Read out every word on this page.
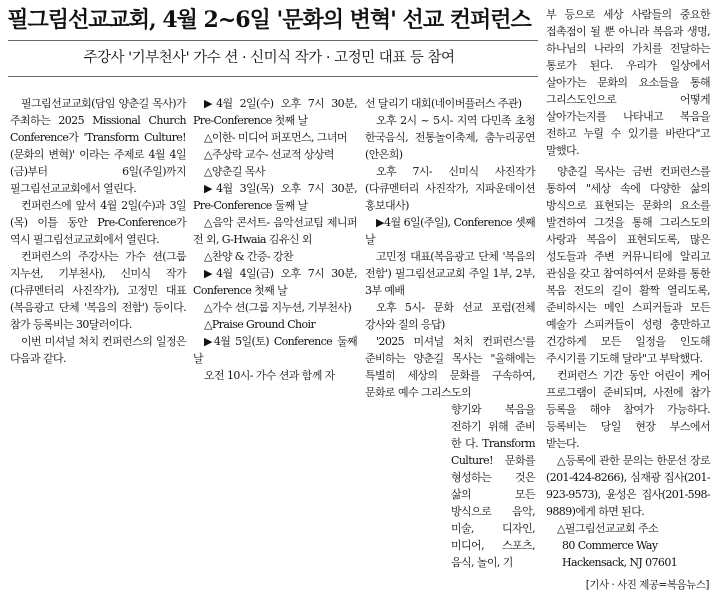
필그림선교교회, 4월 2~6일 '문화의 변혁' 선교 컨퍼런스
주강사 '기부천사' 가수 션 · 신미식 작가 · 고정민 대표 등 참여

필그림선교교회(담임 양춘길 목사)가 주최하는 2025 Missional Church Conference가 'Transform Culture!(문화의 변혁)' 이라는 주제로 4월 4일(금)부터 6일(주일)까지 필그림선교교회에서 열린다.

컨퍼런스에 앞서 4월 2일(수)과 3일(목) 이틀 동안 Pre-Conference가 역시 필그림선교교회에서 열린다.

컨퍼런스의 주강사는 가수 션(그룹 지누션, 기부천사), 신미식 작가(다큐멘터리 사진작가), 고정민 대표(복음광고 단체 '복음의 전함') 등이다. 참가 등록비는 30달러이다.

이번 미셔널 처치 컨퍼런스의 일정은 다음과 같다.

▶4월 2일(수) 오후 7시 30분, Pre-Conference 첫째 날

△이한- 미디어 퍼포먼스, 그녀머

△주상락 교수- 선교적 상상력

△양춘길 목사

▶4월 3일(목) 오후 7시 30분, Pre-Conference 둘째 날

△음악 콘서트- 음악선교팀 제니퍼 전 외, G-Hwaia 김유신 외

△찬양 & 간증- 강찬

▶4월 4일(금) 오후 7시 30분, Conference 첫째 날

△가수 션(그룹 지누션, 기부천사)

△Praise Ground Choir

▶4월 5일(토) Conference 둘째 날

오전 10시- 가수 션과 함께 자

선 달리기 대회(네이버플러스 주관)

오후 2시 ~ 5시- 지역 다민족 초청 한국음식, 전통놀이축제, 춤누리공연(안은희)

오후 7시- 신미식 사진작가(다큐멘터리 사진작가, 지파운데이션 홍보대사)

▶4월 6일(주일), Conference 셋째 날

고민정 대표(복음광고 단체 '복음의 전함') 필그림선교교회 주일 1부, 2부, 3부 예배

오후 5시- 문화 선교 포럼(전체 강사와 질의 응답)

'2025 미셔널 처치 컨퍼런스'를 준비하는 양춘길 목사는 "올해에는 특별히 세상의 문화를 구속하여, 문화로 예수 그리스도의

향기와 복음을 전하기 위해 준비 한 다. Transform Culture! 문화를 형성하는 것은 삶의 모든 방식으로 음악, 미술, 디자인, 미디어, 스포츠, 음식, 놀이, 기

부 등으로 세상 사람들의 중요한 접촉점이 될 뿐 아니라 복음과 생명, 하나님의 나라의 가치를 전달하는 통로가 된다. 우리가 일상에서 살아가는 문화의 요소들을 통해 그리스도인으로 어떻게 살아가는지를 나타내고 복음을 전하고 누릴 수 있기를 바란다"고 말했다.

양춘길 목사는 금번 컨퍼런스를 통하여 "세상 속에 다양한 삶의 방식으로 표현되는 문화의 요소를 발견하여 그것을 통해 그리스도의 사랑과 복음이 표현되도록, 많은 성도들과 주변 커뮤니티에 알리고 관심을 갖고 참여하여서 문화를 통한 복음 전도의 길이 활짝 열리도록, 준비하시는 메인 스피커들과 모든 예술가 스피커들이 성령 충만하고 건강하게 모든 일정을 인도해 주시기를 기도해 달라"고 부탁했다.

컨퍼런스 기간 동안 어린이 케어 프로그램이 준비되며, 사전에 참가 등록을 해야 참여가 가능하다. 등록비는 당일 현장 부스에서 받는다.

△등록에 관한 문의는 한문선 장로(201-424-8266), 심재광 집사(201-923-9573), 윤성은 집사(201-598-9889)에게 하면 된다.

△필그림선교교회 주소

80 Commerce Way

Hackensack, NJ 07601

[기사 · 사진 제공=복음뉴스]
